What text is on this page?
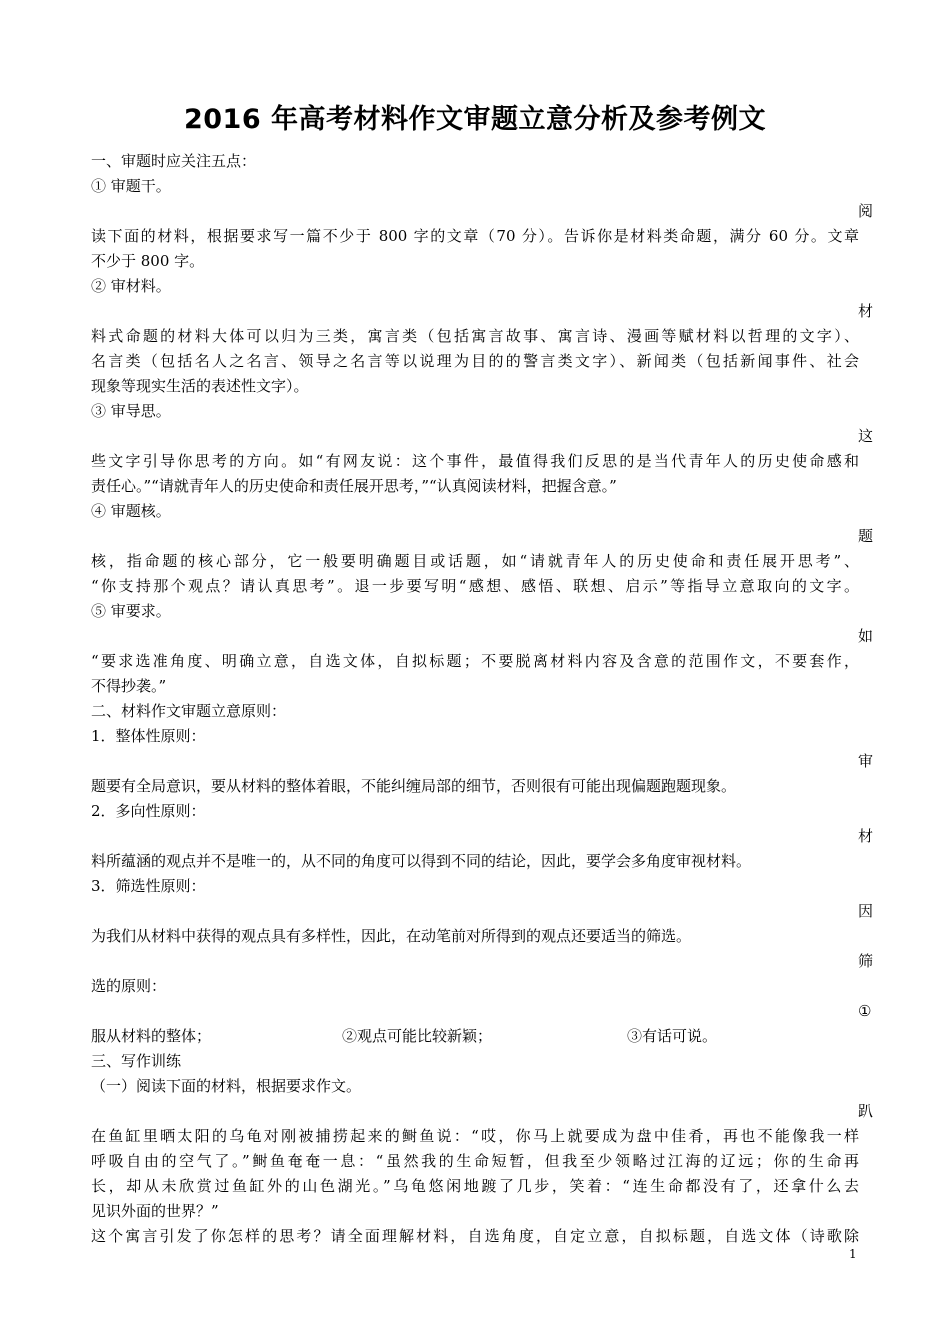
2016 年高考材料作文审题立意分析及参考例文
一、审题时应关注五点：
① 审题干。
阅
读下面的材料，根据要求写一篇不少于 800 字的文章（70 分）。告诉你是材料类命题，满分 60 分。文章
不少于 800 字。
② 审材料。
材
料式命题的材料大体可以归为三类，寓言类（包括寓言故事、寓言诗、漫画等赋材料以哲理的文字）、
名言类（包括名人之名言、领导之名言等以说理为目的的警言类文字）、新闻类（包括新闻事件、社会
现象等现实生活的表述性文字）。
③ 审导思。
这
些文字引导你思考的方向。如“有网友说：这个事件，最值得我们反思的是当代青年人的历史使命感和
责任心。”“请就青年人的历史使命和责任展开思考，”“认真阅读材料，把握含意。”
④ 审题核。
题
核，指命题的核心部分，它一般要明确题目或话题，如“请就青年人的历史使命和责任展开思考”、
“你支持那个观点？请认真思考”。退一步要写明“感想、感悟、联想、启示”等指导立意取向的文字。
⑤ 审要求。
如
“要求选准角度、明确立意，自选文体，自拟标题；不要脱离材料内容及含意的范围作文，不要套作，
不得抄袭。”
二、材料作文审题立意原则：
1．整体性原则：
审
题要有全局意识，要从材料的整体着眼，不能纠缠局部的细节，否则很有可能出现偏题跑题现象。
2．多向性原则：
材
料所蕴涵的观点并不是唯一的，从不同的角度可以得到不同的结论，因此，要学会多角度审视材料。
3．筛选性原则：
因
为我们从材料中获得的观点具有多样性，因此，在动笔前对所得到的观点还要适当的筛选。
筛
选的原则：
①
服从材料的整体；	②观点可能比较新颖；	③有话可说。
三、写作训练
（一）阅读下面的材料，根据要求作文。
趴
在鱼缸里晒太阳的乌龟对刚被捕捞起来的鲥鱼说：“哎，你马上就要成为盘中佳肴，再也不能像我一样
呼吸自由的空气了。”鲥鱼奄奄一息：“虽然我的生命短暂，但我至少领略过江海的辽远；你的生命再
长，却从未欣赏过鱼缸外的山色湖光。”乌龟悠闲地踱了几步，笑着：“连生命都没有了，还拿什么去
见识外面的世界？”
这个寓言引发了你怎样的思考？请全面理解材料，自选角度，自定立意，自拟标题，自选文体（诗歌除
1
